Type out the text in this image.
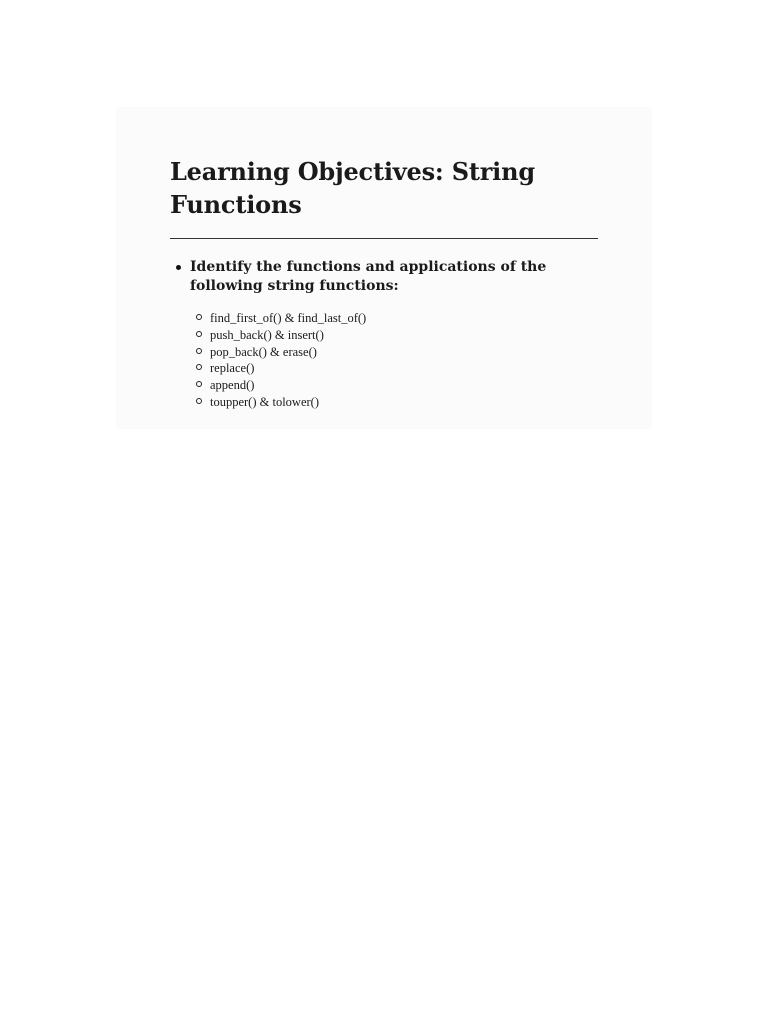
Learning Objectives: String Functions
Identify the functions and applications of the following string functions:
find_first_of() & find_last_of()
push_back() & insert()
pop_back() & erase()
replace()
append()
toupper() & tolower()
